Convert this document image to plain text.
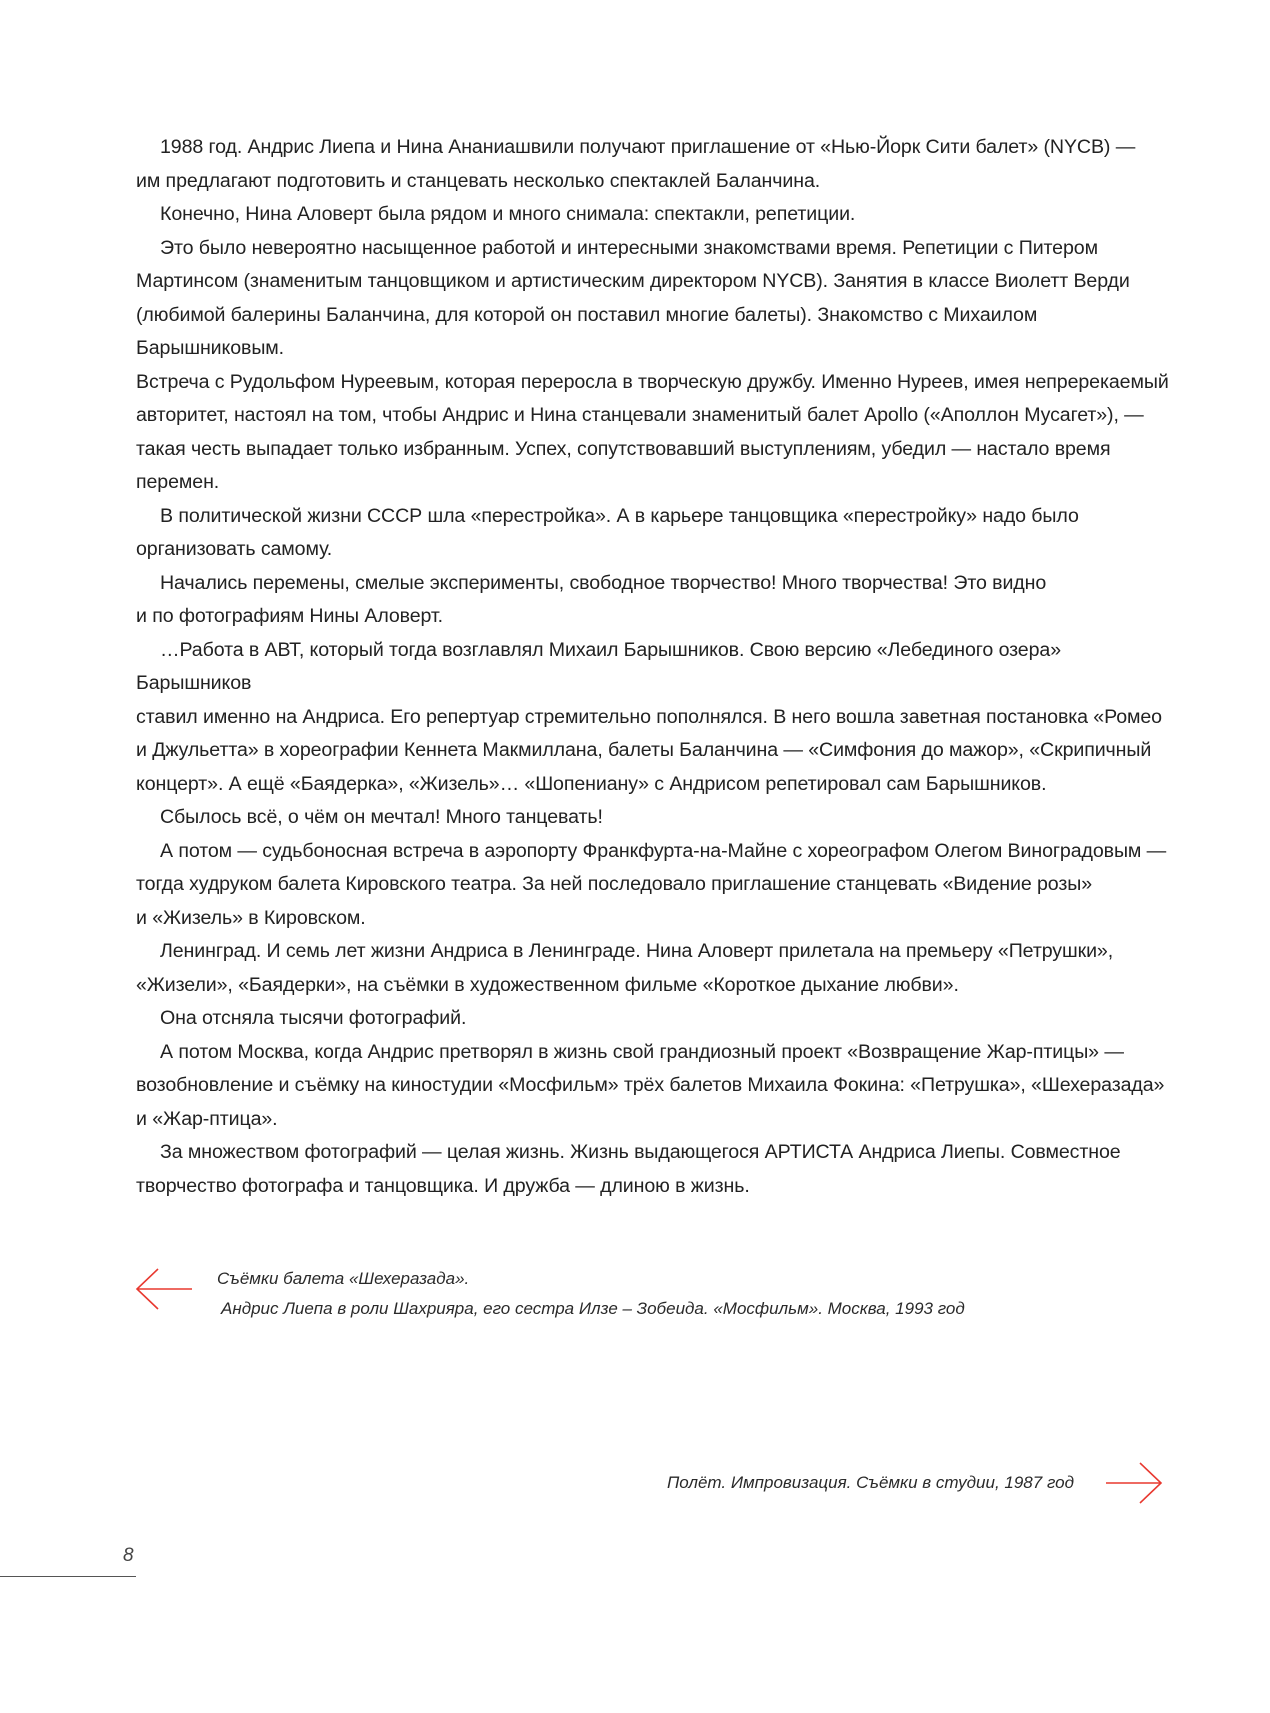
1988 год. Андрис Лиепа и Нина Ананиашвили получают приглашение от «Нью-Йорк Сити балет» (NYCB) —
им предлагают подготовить и станцевать несколько спектаклей Баланчина.

Конечно, Нина Аловерт была рядом и много снимала: спектакли, репетиции.

Это было невероятно насыщенное работой и интересными знакомствами время. Репетиции с Питером
Мартинсом (знаменитым танцовщиком и артистическим директором NYCB). Занятия в классе Виолетт Верди
(любимой балерины Баланчина, для которой он поставил многие балеты). Знакомство с Михаилом Барышниковым.
Встреча с Рудольфом Нуреевым, которая переросла в творческую дружбу. Именно Нуреев, имея непререкаемый
авторитет, настоял на том, чтобы Андрис и Нина станцевали знаменитый балет Apollo («Аполлон Мусагет»), —
такая честь выпадает только избранным. Успех, сопутствовавший выступлениям, убедил — настало время
перемен.

В политической жизни СССР шла «перестройка». А в карьере танцовщика «перестройку» надо было
организовать самому.

Начались перемены, смелые эксперименты, свободное творчество! Много творчества! Это видно
и по фотографиям Нины Аловерт.

…Работа в АВТ, который тогда возглавлял Михаил Барышников. Свою версию «Лебединого озера» Барышников
ставил именно на Андриса. Его репертуар стремительно пополнялся. В него вошла заветная постановка «Ромео
и Джульетта» в хореографии Кеннета Макмиллана, балеты Баланчина — «Симфония до мажор», «Скрипичный
концерт». А ещё «Баядерка», «Жизель»… «Шопениану» с Андрисом репетировал сам Барышников.

Сбылось всё, о чём он мечтал! Много танцевать!

А потом — судьбоносная встреча в аэропорту Франкфурта-на-Майне с хореографом Олегом Виноградовым —
тогда худруком балета Кировского театра. За ней последовало приглашение станцевать «Видение розы»
и «Жизель» в Кировском.

Ленинград. И семь лет жизни Андриса в Ленинграде. Нина Аловерт прилетала на премьеру «Петрушки»,
«Жизели», «Баядерки», на съёмки в художественном фильме «Короткое дыхание любви».

Она отсняла тысячи фотографий.

А потом Москва, когда Андрис претворял в жизнь свой грандиозный проект «Возвращение Жар-птицы» —
возобновление и съёмку на киностудии «Мосфильм» трёх балетов Михаила Фокина: «Петрушка», «Шехеразада»
и «Жар-птица».

За множеством фотографий — целая жизнь. Жизнь выдающегося АРТИСТА Андриса Лиепы. Совместное
творчество фотографа и танцовщика. И дружба — длиною в жизнь.

Съёмки балета «Шехеразада».
Андрис Лиепа в роли Шахрияра, его сестра Илзе – Зобеида. «Мосфильм». Москва, 1993 год
Полёт. Импровизация. Съёмки в студии, 1987 год
8
